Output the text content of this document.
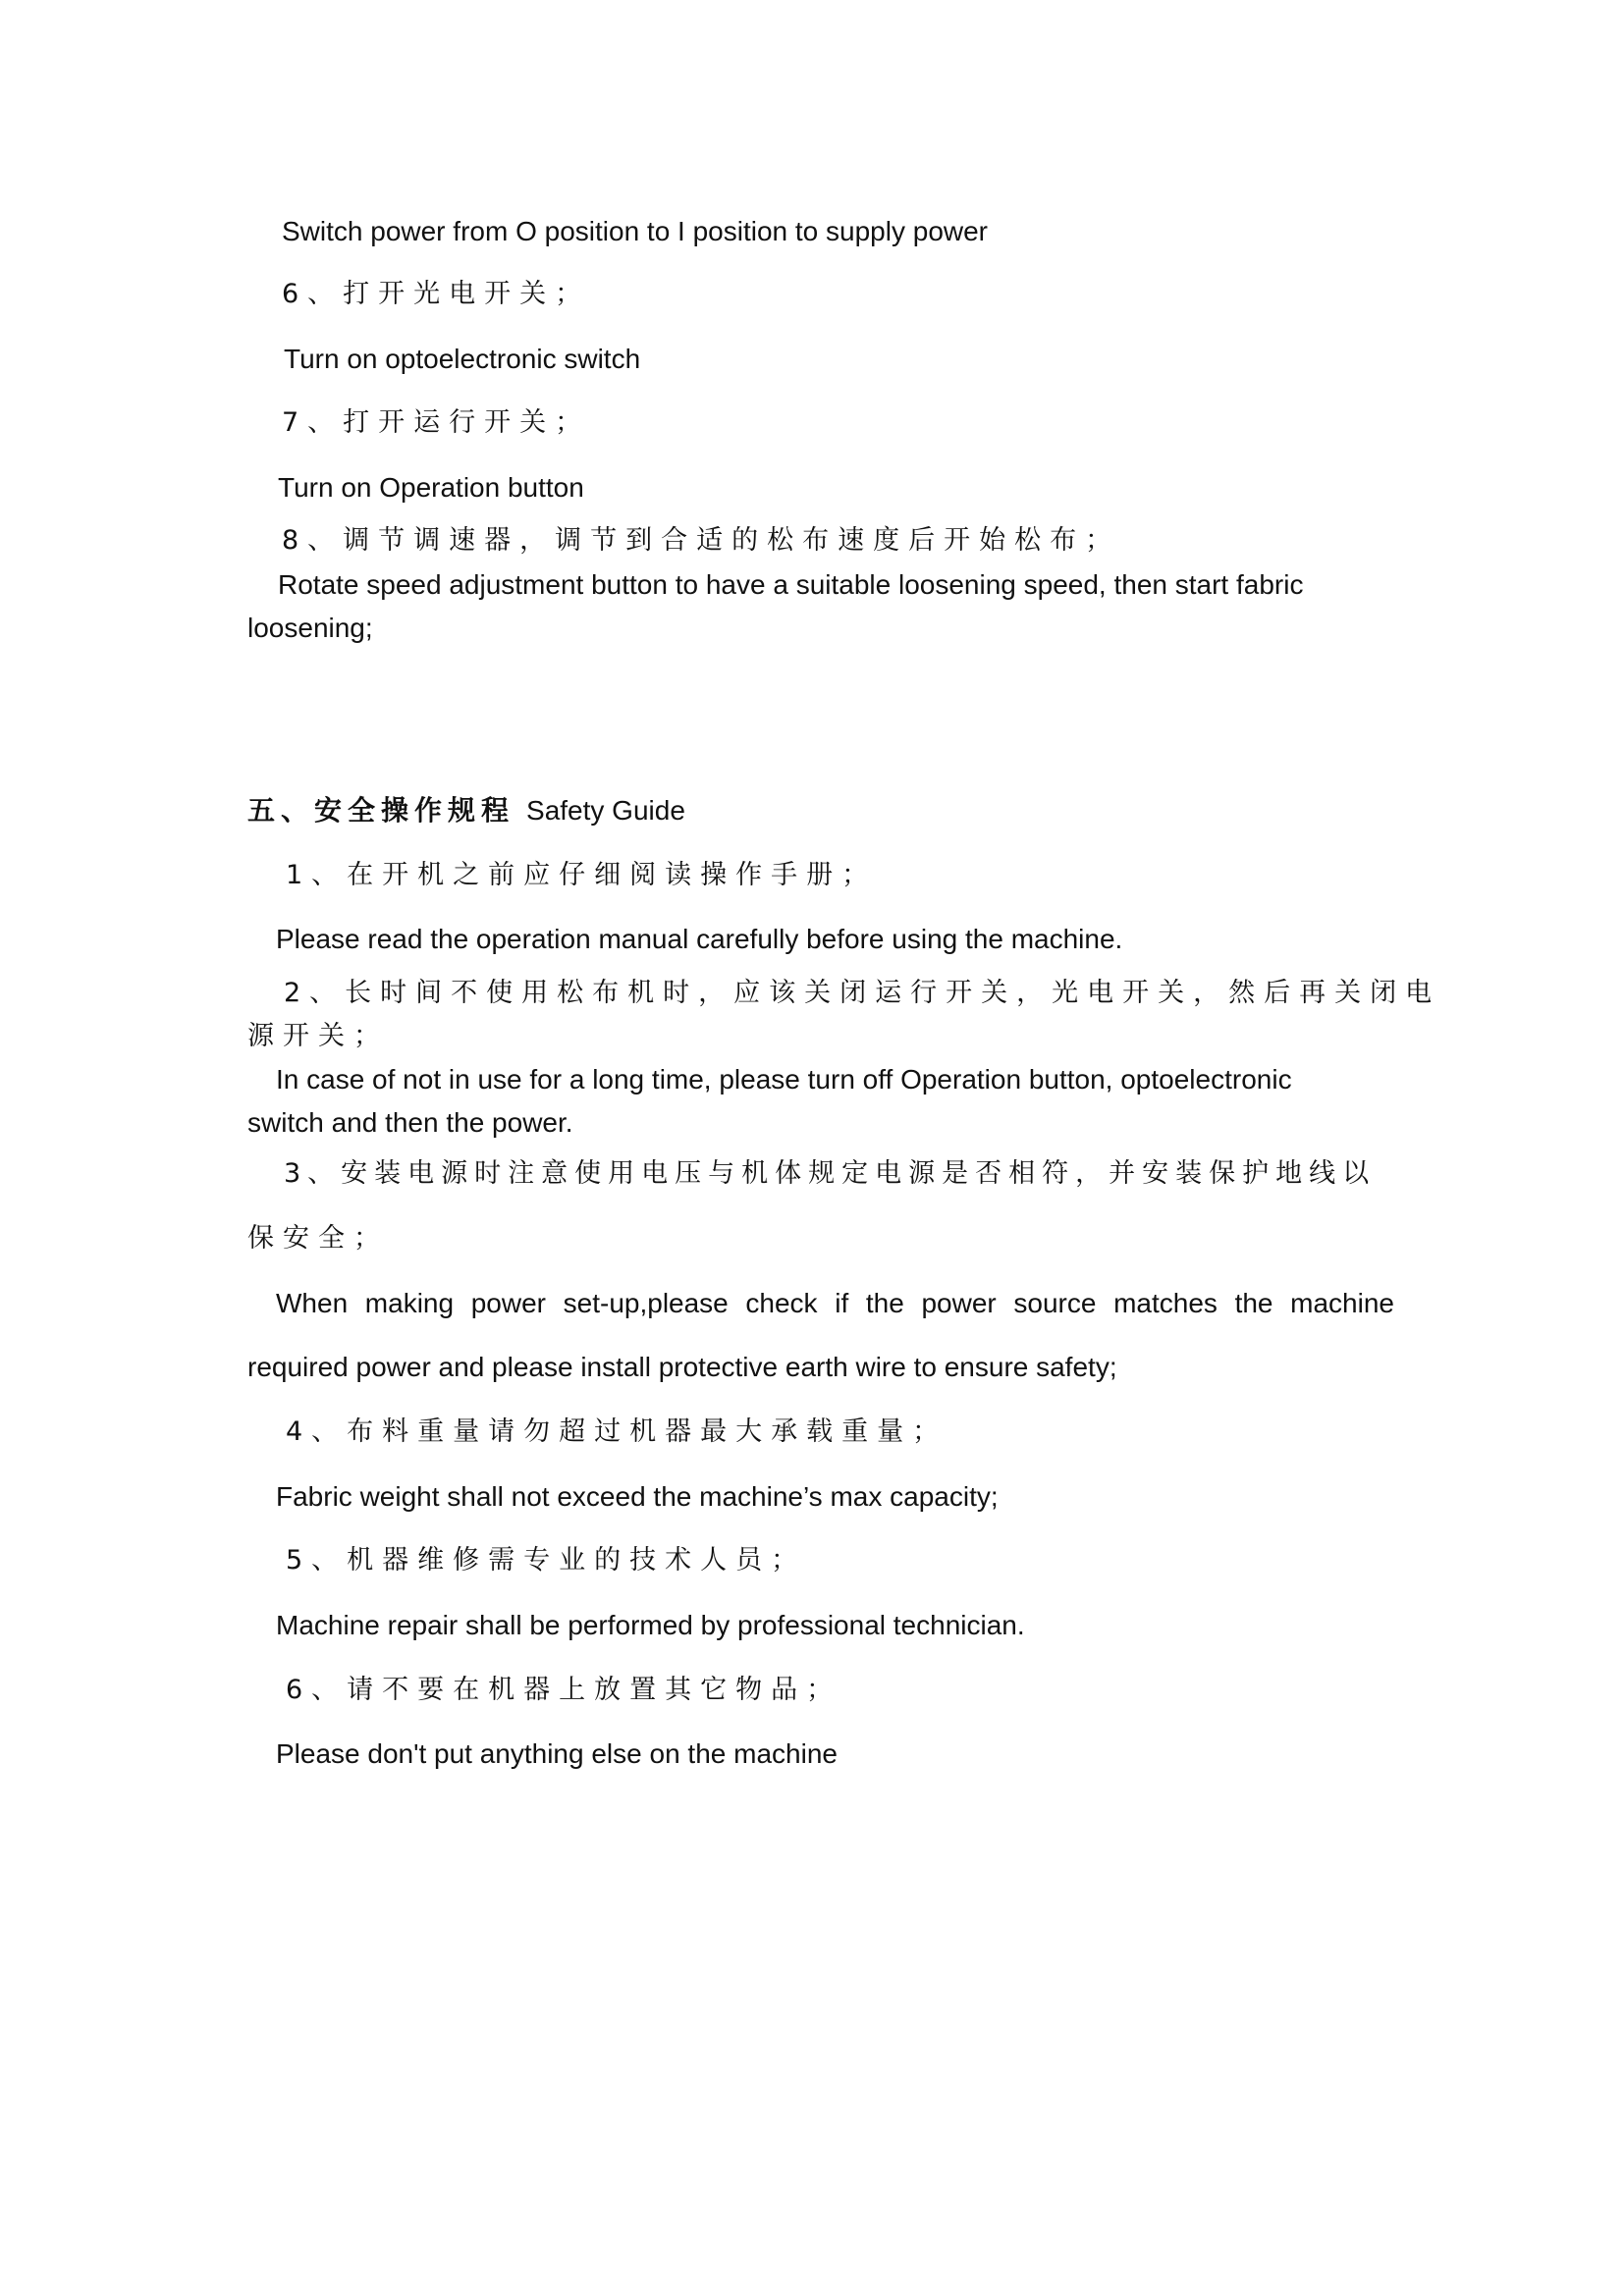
Switch power from O position to I position to supply power
6、打开光电开关；
Turn on optoelectronic switch
7、打开运行开关；
Turn on Operation button
8、调节调速器，调节到合适的松布速度后开始松布；
Rotate speed adjustment button to have a suitable loosening speed, then start fabric
loosening;
五、安全操作规程 Safety Guide
1、在开机之前应仔细阅读操作手册；
Please read the operation manual carefully before using the machine.
2、长时间不使用松布机时，应该关闭运行开关，光电开关，然后再关闭电
源开关；
In case of not in use for a long time, please turn off Operation button, optoelectronic
switch and then the power.
3、安装电源时注意使用电压与机体规定电源是否相符，并安装保护地线以
保安全；
When making power set-up,please check if the power source matches the machine
required power and please install protective earth wire to ensure safety;
4、布料重量请勿超过机器最大承载重量；
Fabric weight shall not exceed the machine’s max capacity;
5、机器维修需专业的技术人员；
Machine repair shall be performed by professional technician.
6、请不要在机器上放置其它物品；
Please don't put anything else on the machine
